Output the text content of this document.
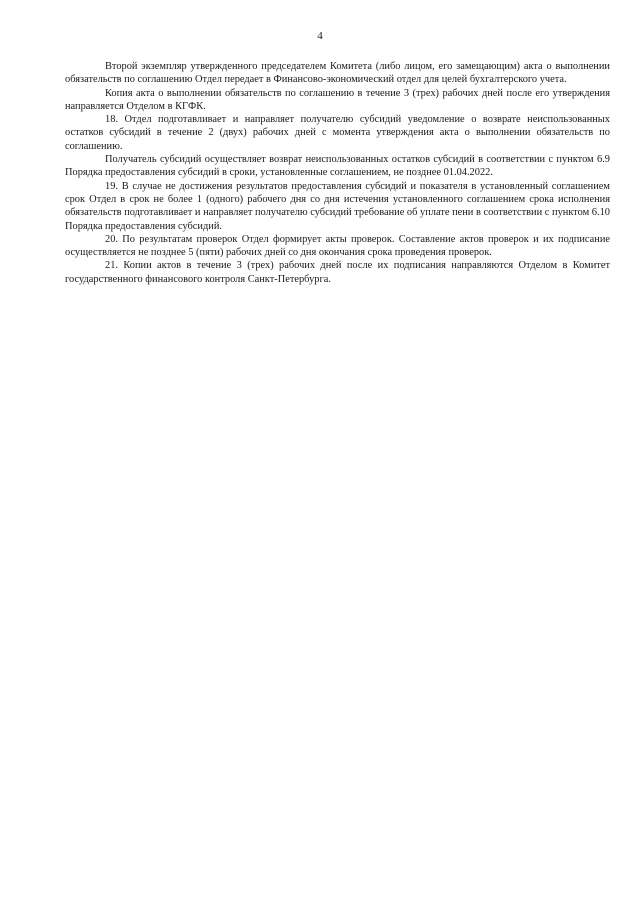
4

Второй экземпляр утвержденного председателем Комитета (либо лицом, его замещающим) акта о выполнении обязательств по соглашению Отдел передает в Финансово-экономический отдел для целей бухгалтерского учета.

Копия акта о выполнении обязательств по соглашению в течение 3 (трех) рабочих дней после его утверждения направляется Отделом в КГФК.

18. Отдел подготавливает и направляет получателю субсидий уведомление о возврате неиспользованных остатков субсидий в течение 2 (двух) рабочих дней с момента утверждения акта о выполнении обязательств по соглашению.

Получатель субсидий осуществляет возврат неиспользованных остатков субсидий в соответствии с пунктом 6.9 Порядка предоставления субсидий в сроки, установленные соглашением, не позднее 01.04.2022.

19. В случае не достижения результатов предоставления субсидий и показателя в установленный соглашением срок Отдел в срок не более 1 (одного) рабочего дня со дня истечения установленного соглашением срока исполнения обязательств подготавливает и направляет получателю субсидий требование об уплате пени в соответствии с пунктом 6.10 Порядка предоставления субсидий.

20. По результатам проверок Отдел формирует акты проверок. Составление актов проверок и их подписание осуществляется не позднее 5 (пяти) рабочих дней со дня окончания срока проведения проверок.

21. Копии актов в течение 3 (трех) рабочих дней после их подписания направляются Отделом в Комитет государственного финансового контроля Санкт-Петербурга.
